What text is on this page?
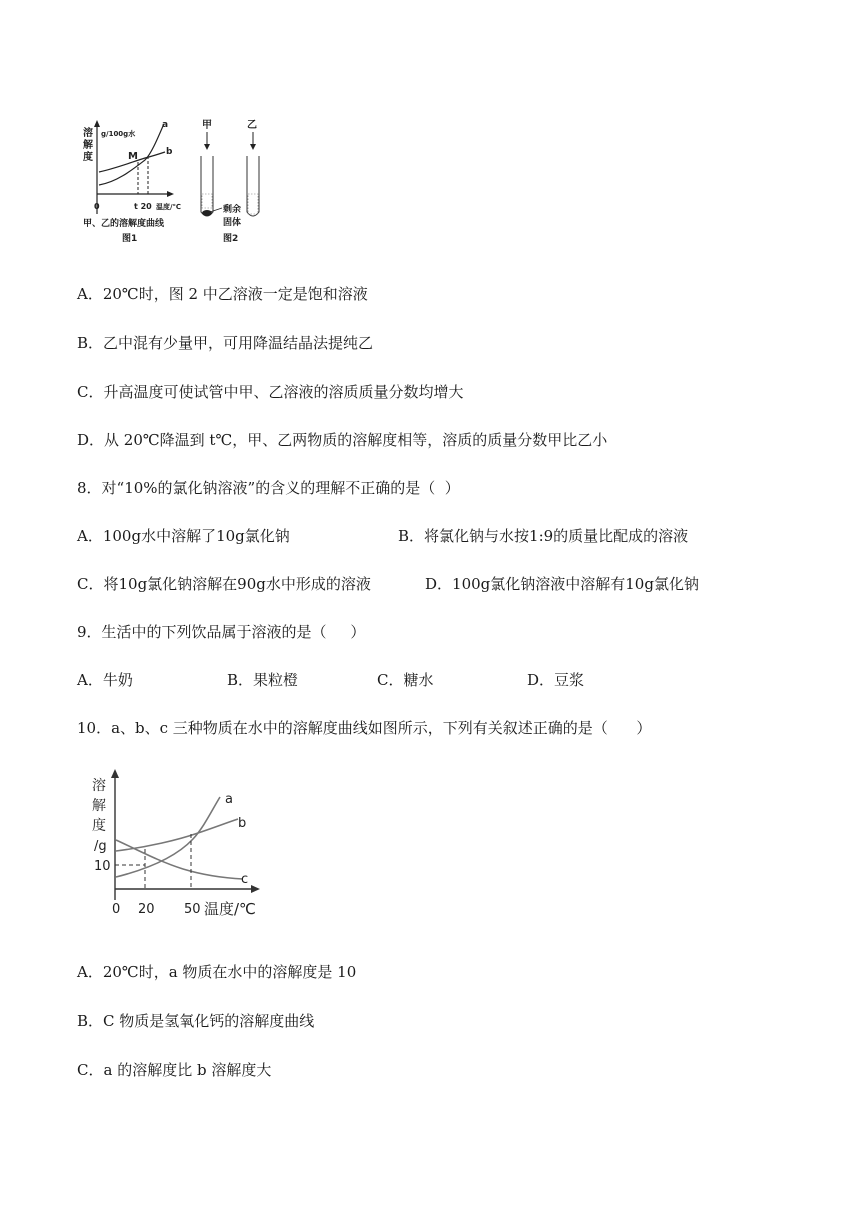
溶
解
度
g/100g水
a
b
M
0	t 20 温度/℃
甲、乙的溶解度曲线
图1
甲	乙
剩余
固体
图2
A．20℃时，图 2 中乙溶液一定是饱和溶液
B．乙中混有少量甲，可用降温结晶法提纯乙
C．升高温度可使试管中甲、乙溶液的溶质质量分数均增大
D．从 20℃降温到 t℃，甲、乙两物质的溶解度相等，溶质的质量分数甲比乙小
8．对“10%的氯化钠溶液”的含义的理解不正确的是（  ）
A．100g水中溶解了10g氯化钠	B．将氯化钠与水按1:9的质量比配成的溶液
C．将10g氯化钠溶解在90g水中形成的溶液	D．100g氯化钠溶液中溶解有10g氯化钠
9．生活中的下列饮品属于溶液的是（     ）
A．牛奶	B．果粒橙	C．糖水	D．豆浆
10．a、b、c 三种物质在水中的溶解度曲线如图所示，下列有关叙述正确的是（      ）
溶
解
度
/g
10
a
b
c
0 20 50 温度/℃
A．20℃时，a 物质在水中的溶解度是 10
B．C 物质是氢氧化钙的溶解度曲线
C．a 的溶解度比 b 溶解度大
